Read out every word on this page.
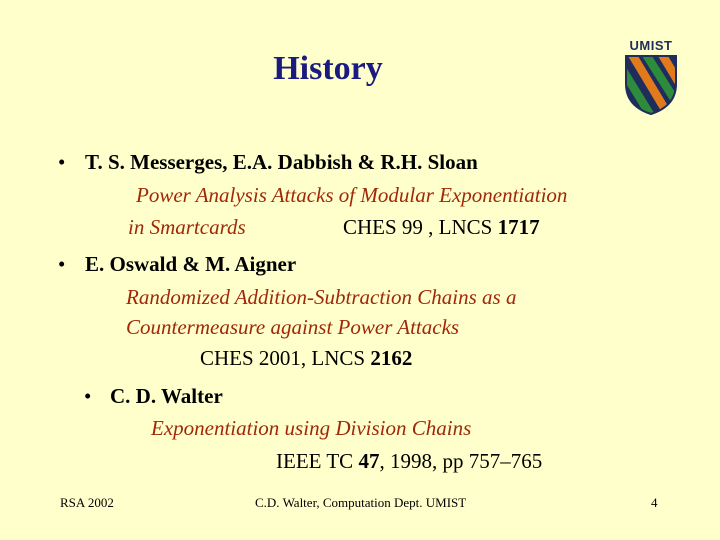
History
UMIST
• T. S. Messerges, E.A. Dabbish & R.H. Sloan
Power Analysis Attacks of Modular Exponentiation
in Smartcards	CHES 99 , LNCS 1717
• E. Oswald & M. Aigner
Randomized Addition-Subtraction Chains as a
Countermeasure against Power Attacks
CHES 2001, LNCS 2162
• C. D. Walter
Exponentiation using Division Chains
IEEE TC 47, 1998, pp 757–765
RSA 2002	C.D. Walter, Computation Dept. UMIST	4
